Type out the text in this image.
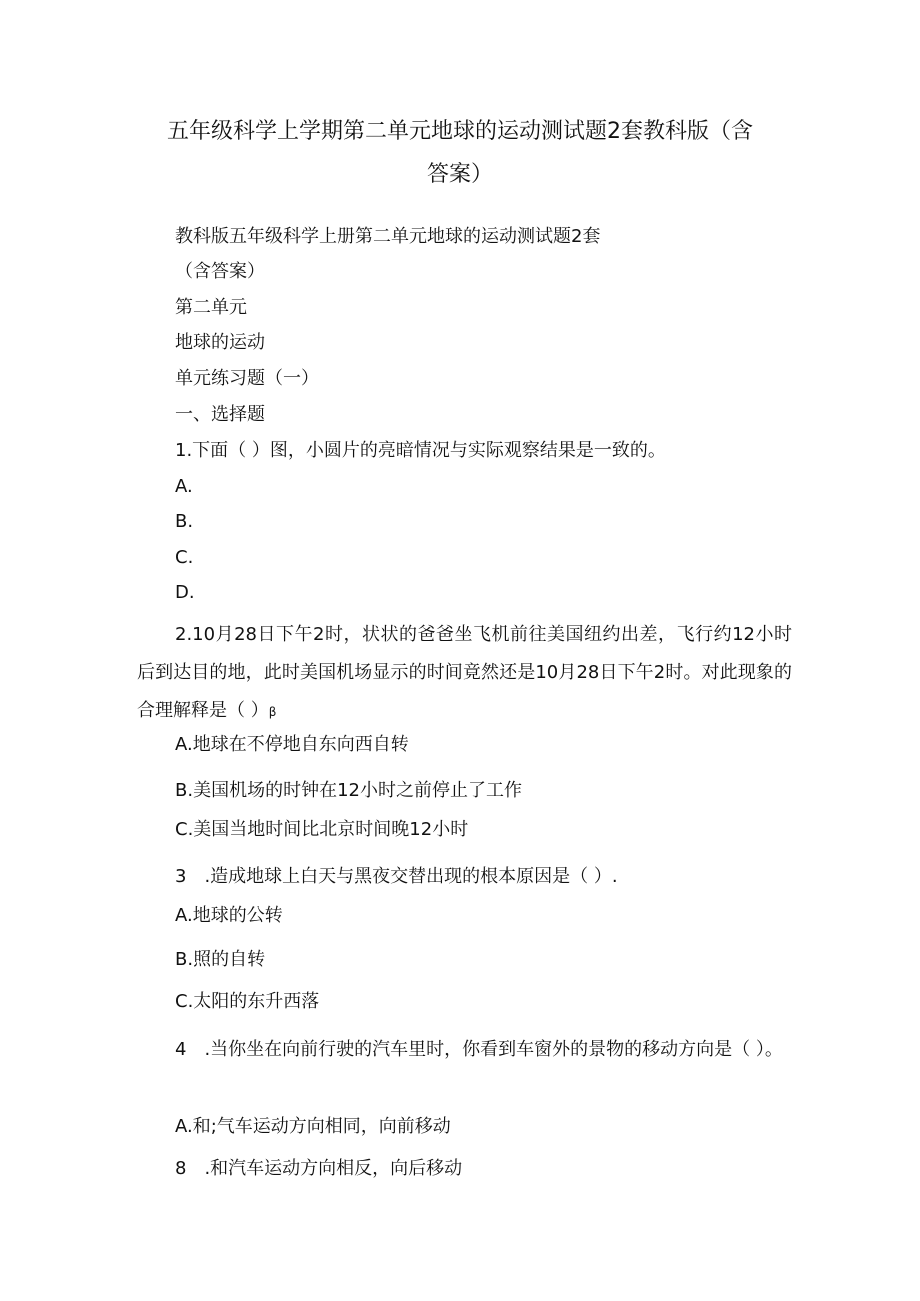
五年级科学上学期第二单元地球的运动测试题2套教科版（含
答案）
教科版五年级科学上册第二单元地球的运动测试题2套
（含答案）
第二单元
地球的运动
单元练习题（一）
一、选择题
1.下面（ ）图，小圆片的亮暗情况与实际观察结果是一致的。
A.
B.
C.
D.
2.10月28日下午2时，状状的爸爸坐飞机前往美国纽约出差，飞行约12小时后到达目的地，此时美国机场显示的时间竟然还是10月28日下午2时。对此现象的合理解释是（ ）β
A.地球在不停地自东向西自转
B.美国机场的时钟在12小时之前停止了工作
C.美国当地时间比北京时间晚12小时
3　.造成地球上白天与黑夜交替出现的根本原因是（ ）.
A.地球的公转
B.照的自转
C.太阳的东升西落
4　.当你坐在向前行驶的汽车里时，你看到车窗外的景物的移动方向是（ ）。
A.和;气车运动方向相同，向前移动
8　.和汽车运动方向相反，向后移动
